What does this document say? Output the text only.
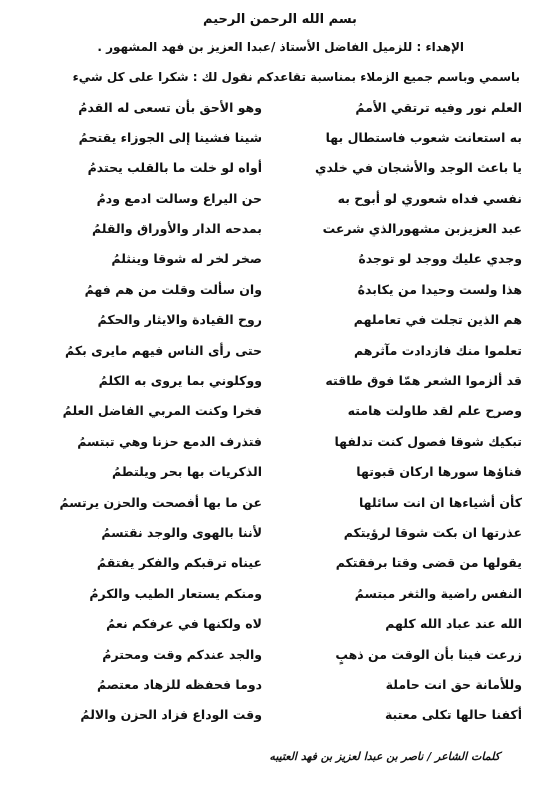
بسم الله الرحمن الرحيم
الإهداء : للزميل الفاضل الأستاذ /عبدا العزيز بن فهد المشهور .
باسمي وباسم جميع الزملاء بمناسبة تقاعدكم نقول لك : شكرا على كل شيء
العلم نور وفيه ترتقي الأممُ
وهو الأحق بأن تسعى له القدمُ
به استعانت شعوب فاستطال بها
شينا فشينا إلى الجوزاء يقتحمُ
يا باعث الوجد والأشجان في خلدي
أواه لو خلت ما بالقلب يحتدمُ
نفسي فداه شعوري لو أبوح به
حن اليراع وسالت ادمع ودمُ
عبد العزيزبن مشهورالذي شرعت
بمدحه الدار والأوراق والقلمُ
وجدي عليك ووجد لو توجدهُ
صخر لخر له شوقا وينثلمُ
هذا ولست وحيدا من يكابدهُ
وان سألت وقلت من هم فهمُ
هم الذين تجلت في تعاملهم
روح القيادة والايثار والحكمُ
تعلموا منك فازدادت مآثرهم
حتى رأى الناس فيهم مايرى بكمُ
قد ألزموا الشعر همّا فوق طاقته
ووكلوني بما يروى به الكلمُ
وصرح علم لقد طاولت هامته
فخرا وكنت المربي الفاضل العلمُ
تبكيك شوقا فصول كنت تدلفها
فتذرف الدمع حزنا وهي تبتسمُ
فناؤها سورها اركان قبوتها
الذكريات بها بحر ويلتطمُ
كأن أشياءها ان انت سائلها
عن ما بها أفصحت والحزن يرتسمُ
عذرتها ان بكت شوقا لرؤيتكم
لأننا بالهوى والوجد نقتسمُ
يقولها من قضى وقتا برفقتكم
عيناه ترقبكم والفكر يفتقمُ
النفس راضية والثغر مبتسمُ
ومنكم يستعار الطيب والكرمُ
الله عند عباد الله كلهم
لاه ولكنها في عرفكم نعمُ
زرعت فينا بأن الوقت من ذهبٍ
والجد عندكم وقت ومحترمُ
وللأمانة حق انت حاملة
دوما فحفظه للزهاد معتصمُ
أكفنا حالها تكلى معتبة
وقت الوداع فزاد الحزن والالمُ
كلمات الشاعر / ناصر بن عبدا لعزيز بن فهد العتيبه
